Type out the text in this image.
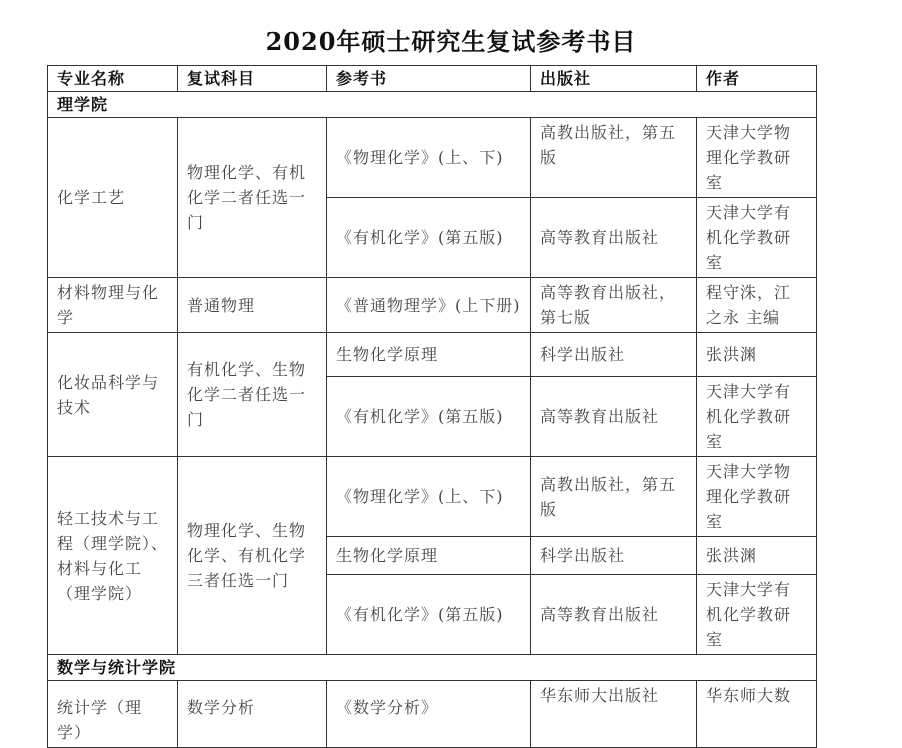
2020年硕士研究生复试参考书目
专业名称	复试科目	参考书	出版社	作者
理学院				
化学工艺	物理化学、有机化学二者任选一门	《物理化学》(上、下)	高教出版社，第五版	天津大学物理化学教研室
		《有机化学》(第五版)	高等教育出版社	天津大学有机化学教研室
材料物理与化学	普通物理	《普通物理学》(上下册)	高等教育出版社，第七版	程守洙，江之永 主编
化妆品科学与技术	有机化学、生物化学二者任选一门	生物化学原理	科学出版社	张洪渊
		《有机化学》(第五版)	高等教育出版社	天津大学有机化学教研室
轻工技术与工程（理学院）、材料与化工（理学院）	物理化学、生物化学、有机化学三者任选一门	《物理化学》(上、下)	高教出版社，第五版	天津大学物理化学教研室
		生物化学原理	科学出版社	张洪渊
		《有机化学》(第五版)	高等教育出版社	天津大学有机化学教研室
数学与统计学院				
统计学（理学）	数学分析	《数学分析》	华东师大出版社	华东师大数
